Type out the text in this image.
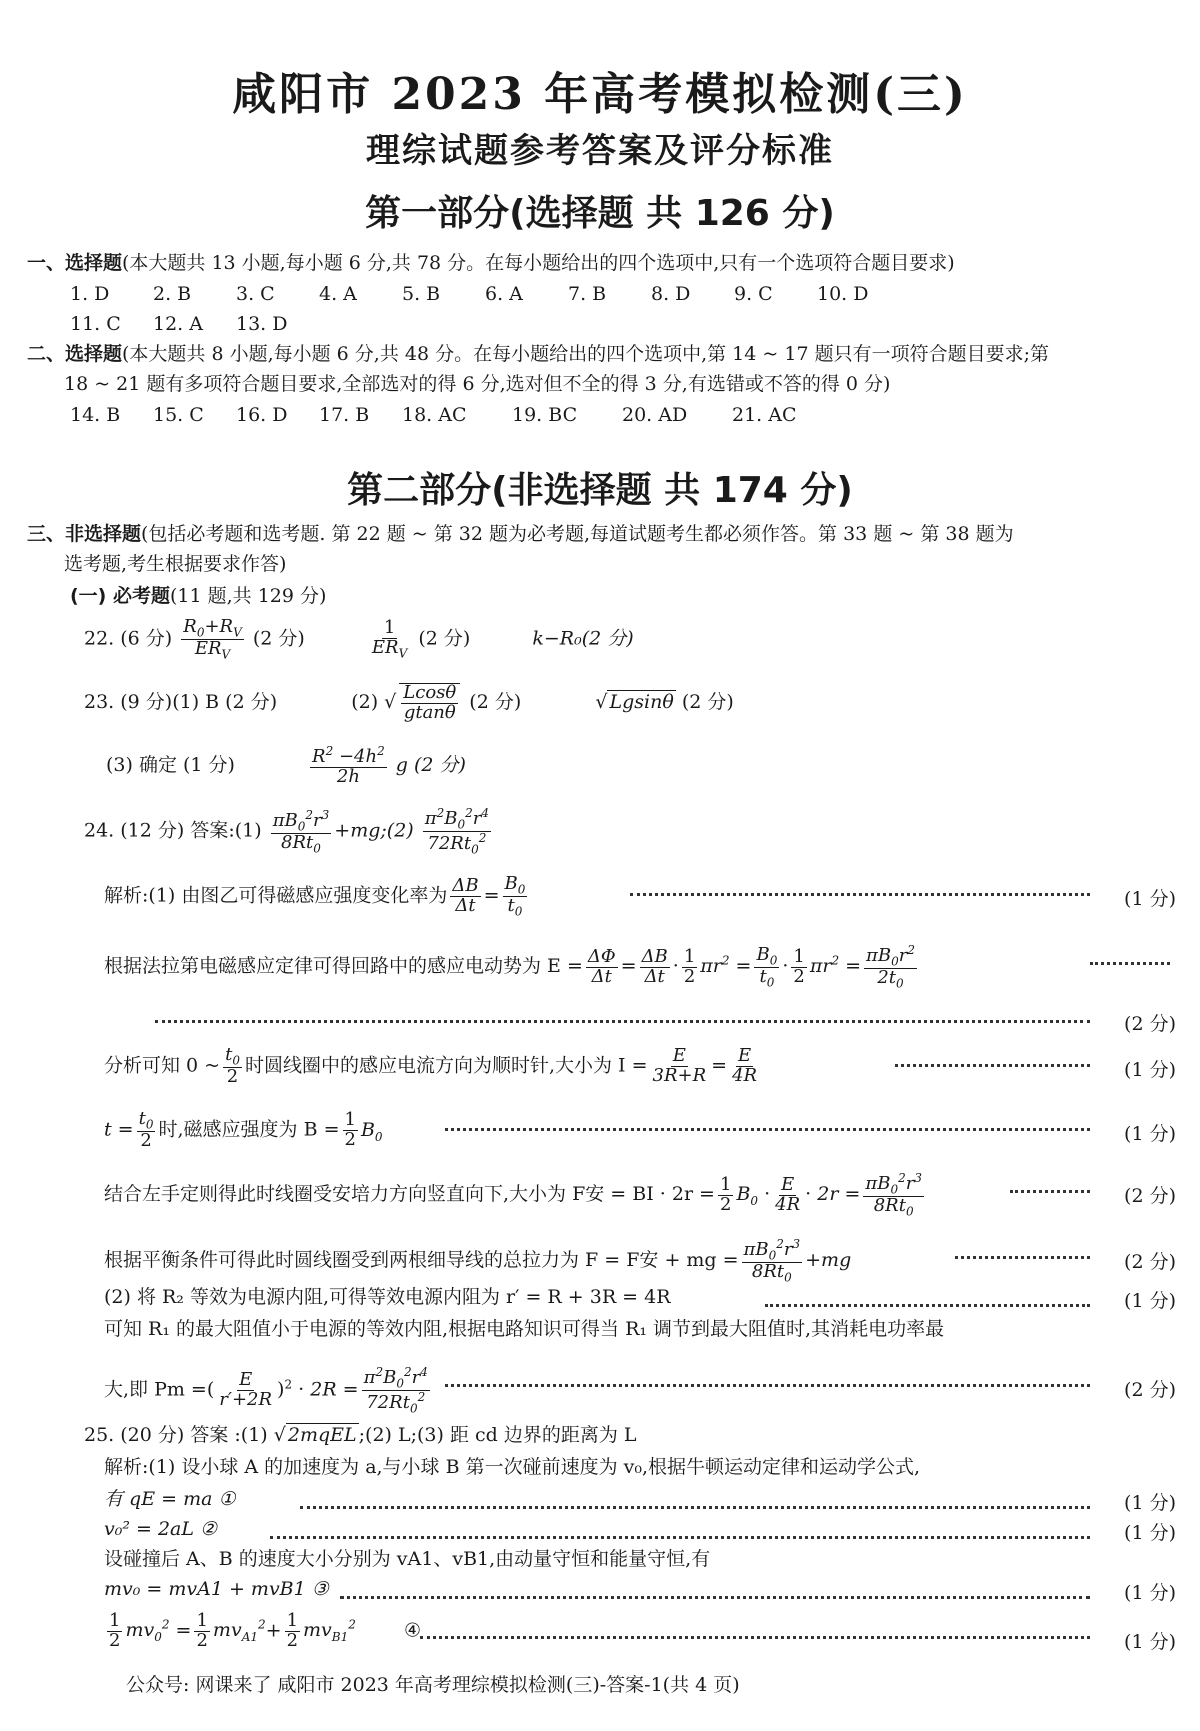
咸阳市 2023 年高考模拟检测(三)
理综试题参考答案及评分标准
第一部分(选择题 共 126 分)
一、选择题(本大题共 13 小题,每小题 6 分,共 78 分。在每小题给出的四个选项中,只有一个选项符合题目要求)
1. D 2. B 3. C 4. A 5. B 6. A 7. B 8. D 9. C 10. D
11. C 12. A 13. D
二、选择题(本大题共 8 小题,每小题 6 分,共 48 分。在每小题给出的四个选项中,第 14 ~ 17 题只有一项符合题目要求;第
18 ~ 21 题有多项符合题目要求,全部选对的得 6 分,选对但不全的得 3 分,有选错或不答的得 0 分)
14. B 15. C 16. D 17. B 18. AC 19. BC 20. AD 21. AC
第二部分(非选择题 共 174 分)
三、非选择题(包括必考题和选考题. 第 22 题 ~ 第 32 题为必考题,每道试题考生都必须作答。第 33 题 ~ 第 38 题为
选考题,考生根据要求作答)
(一) 必考题(11 题,共 129 分)
22. (6 分) $\frac{R_0+R_V}{ER_V} (2$ 分)	$\frac{1}{ER_V} (2$ 分)	k−R₀(2 分)
23. (9 分)(1) B (2 分)	(2) √ $\frac{Lcos\theta}{gtan\theta} (2$ 分)	√ Lgsinθ (2 分)
(3) 确定 (1 分)	$\frac{R^2 -4h^2}{2h}$ g (2 分)
24. (12 分) 答案:(1) $\frac{\pi B_0^2r^3}{8Rt_0}$ +mg;(2) $\frac{\pi^2B_0^2r^4}{72Rt_0^2}$
解析:(1) 由图乙可得磁感应强度变化率为 $\frac{\Delta B}{\Delta t} = \frac{B_0}{t_0}$	(1 分)
根据法拉第电磁感应定律可得回路中的感应电动势为 $E = \frac{\Delta\Phi}{\Delta t} = \frac{\Delta B}{\Delta t} \cdot \frac{1}{2} \pi r^2 = \frac{B_0}{t_0} \cdot \frac{1}{2} \pi r^2 = \frac{\pi B_0r^2}{2t_0}$
(2 分)
分析可知 0 ~ $\frac{t_0}{2}$ 时圆线圈中的感应电流方向为顺时针,大小为 $I = \frac{E}{3R+R} = \frac{E}{4R}$	(1 分)
$t = \frac{t_0}{2}$ 时,磁感应强度为 $B = \frac{1}{2} B_0$	(1 分)
结合左手定则得此时线圈受安培力方向竖直向下,大小为 F安 = BI · $2r = \frac{1}{2} B_0 \cdot \frac{E}{4R} \cdot 2r = \frac{\pi B_0^2r^3}{8Rt_0}$	(2 分)
根据平衡条件可得此时圆线圈受到两根细导线的总拉力为 F = F安 + mg = $\frac{\pi B_0^2r^3}{8Rt_0} +mg$	(2 分)
(2) 将 R₂ 等效为电源内阻,可得等效电源内阻为 r′ = R + 3R = 4R	(1 分)
可知 R₁ 的最大阻值小于电源的等效内阻,根据电路知识可得当 R₁ 调节到最大阻值时,其消耗电功率最
大,即 Pm =( $\frac{E}{r'+2R} )^2 \cdot 2R = \frac{\pi^2B_0^2r^4}{72Rt_0^2}$	(2 分)
25. (20 分) 答案 :(1) √ 2mqEL ;(2) L;(3) 距 cd 边界的距离为 L
解析:(1) 设小球 A 的加速度为 a,与小球 B 第一次碰前速度为 v₀,根据牛顿运动定律和运动学公式,
有 qE = ma ①	(1 分)
v₀² = 2aL ②	(1 分)
设碰撞后 A、B 的速度大小分别为 vA1、vB1,由动量守恒和能量守恒,有
mv₀ = mvA1 + mvB1 ③	(1 分)
$\frac{1}{2} mv_0^2 = \frac{1}{2} mv_{A1}^2+ \frac{1}{2} mv_{B1}^2$	④
(1 分)
公众号: 网课来了 咸阳市 2023 年高考理综模拟检测(三)-答案-1(共 4 页)
